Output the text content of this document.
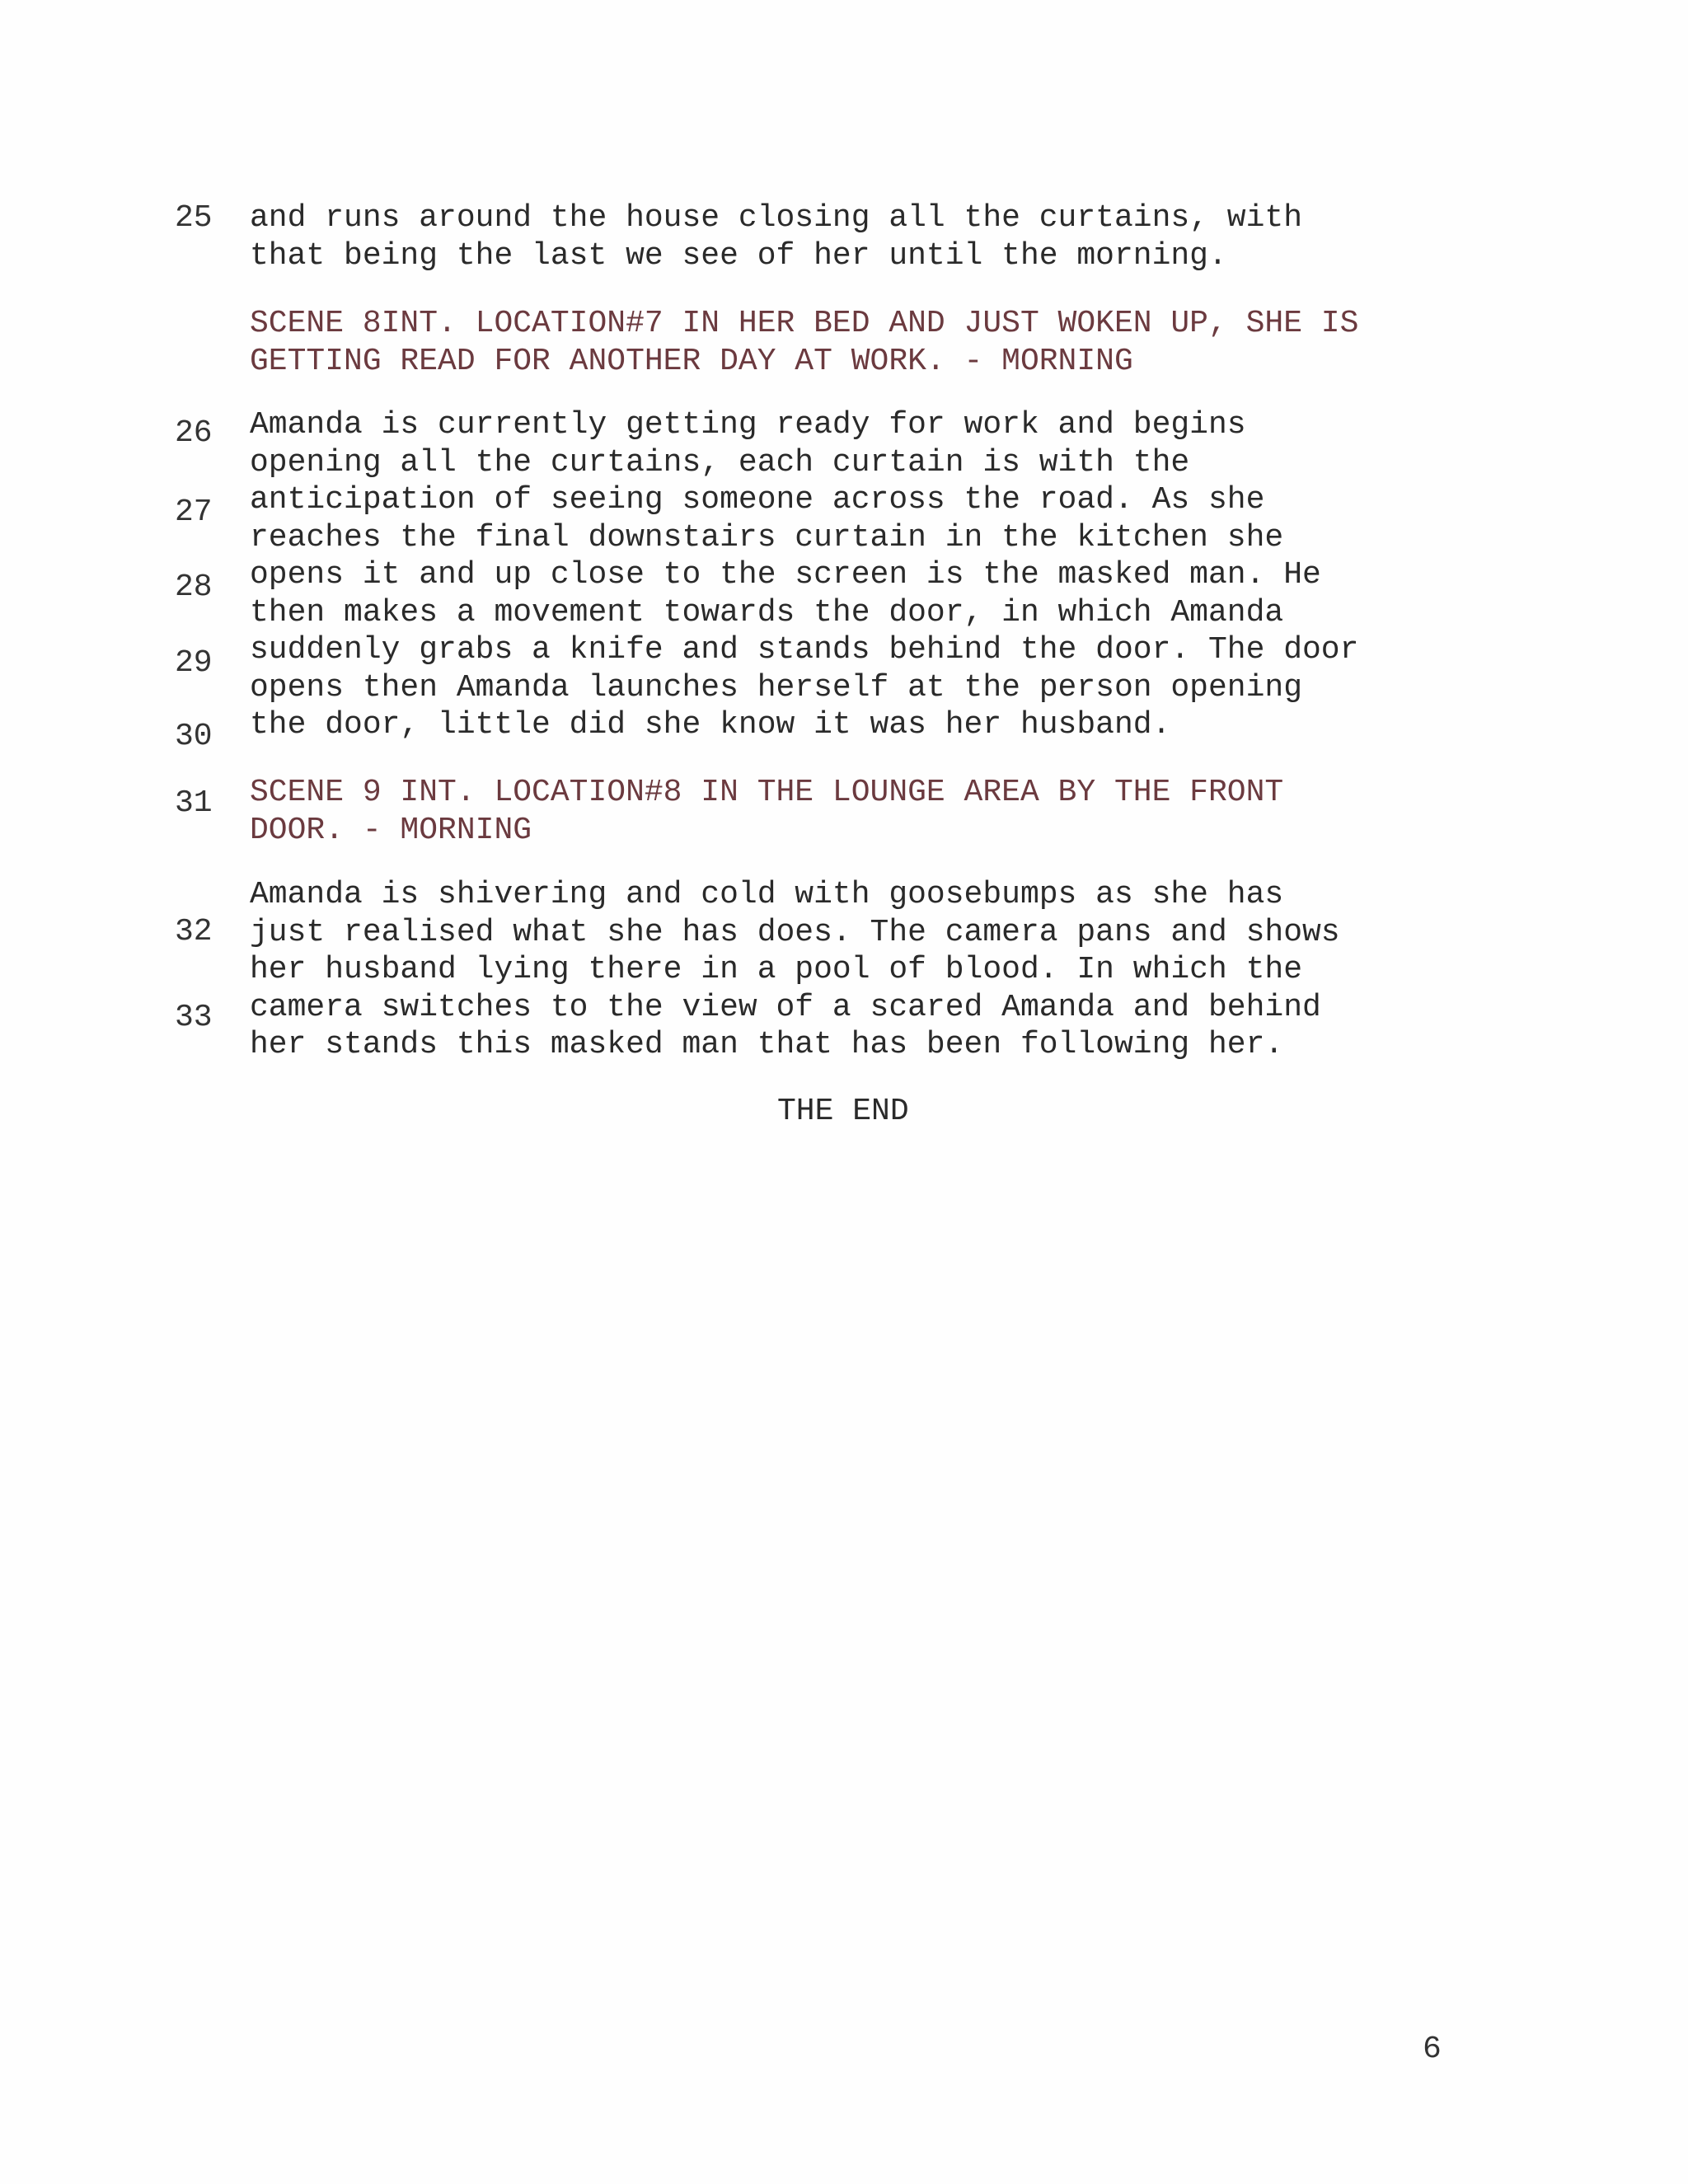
25
26
27
28
29
30
31
32
33
and runs around the house closing all the curtains, with
that being the last we see of her until the morning.
SCENE 8INT. LOCATION#7 IN HER BED AND JUST WOKEN UP, SHE IS
GETTING READ FOR ANOTHER DAY AT WORK. - MORNING
Amanda is currently getting ready for work and begins
opening all the curtains, each curtain is with the
anticipation of seeing someone across the road. As she
reaches the final downstairs curtain in the kitchen she
opens it and up close to the screen is the masked man. He
then makes a movement towards the door, in which Amanda
suddenly grabs a knife and stands behind the door. The door
opens then Amanda launches herself at the person opening
the door, little did she know it was her husband.
SCENE 9 INT. LOCATION#8 IN THE LOUNGE AREA BY THE FRONT
DOOR. - MORNING
Amanda is shivering and cold with goosebumps as she has
just realised what she has does. The camera pans and shows
her husband lying there in a pool of blood. In which the
camera switches to the view of a scared Amanda and behind
her stands this masked man that has been following her.
THE END
6
